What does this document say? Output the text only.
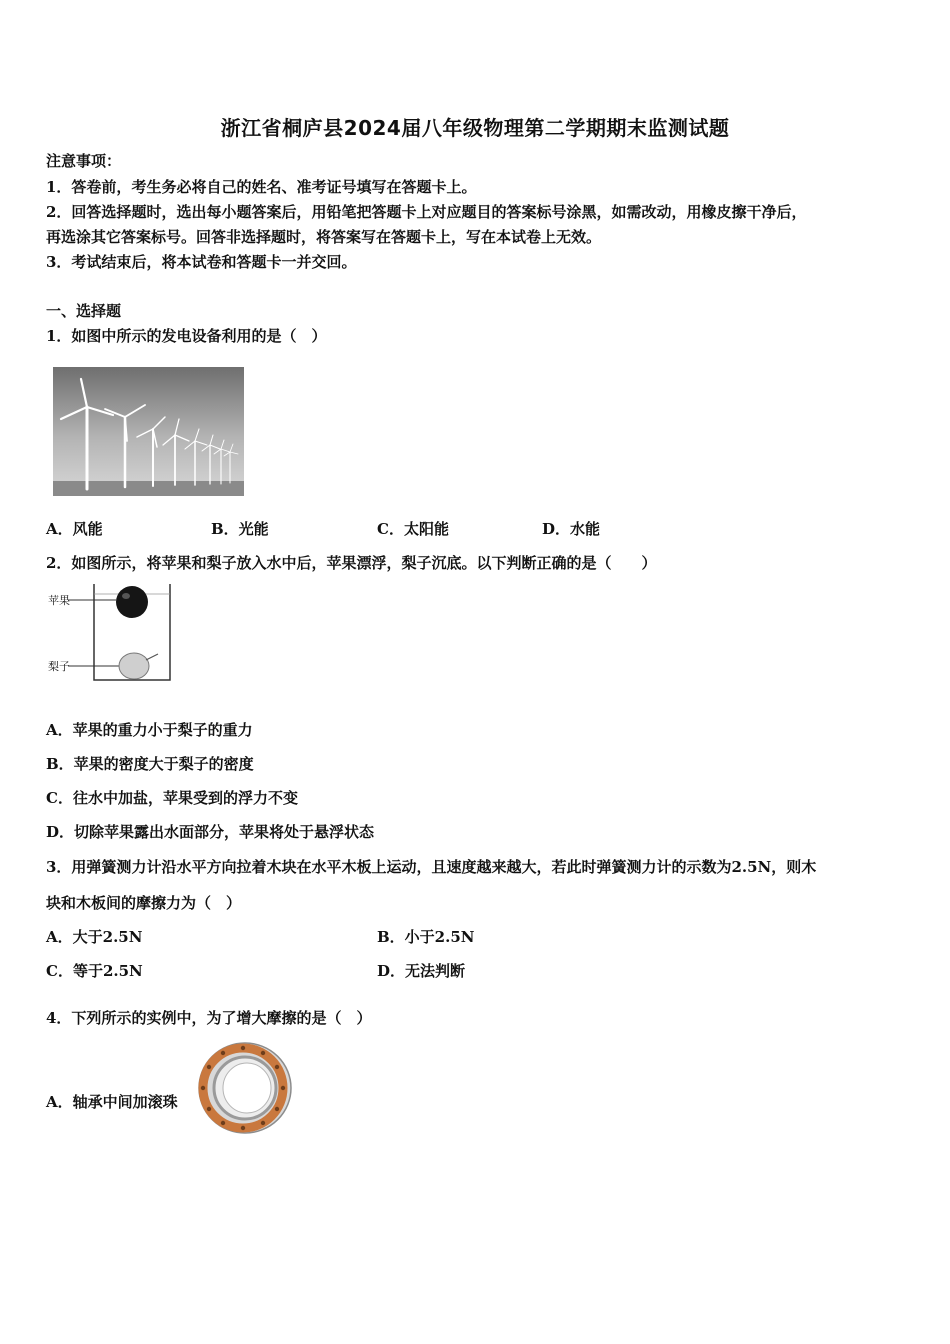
浙江省桐庐县2024届八年级物理第二学期期末监测试题
注意事项：
1．答卷前，考生务必将自己的姓名、准考证号填写在答题卡上。
2．回答选择题时，选出每小题答案后，用铅笔把答题卡上对应题目的答案标号涂黑，如需改动，用橡皮擦干净后，
再选涂其它答案标号。回答非选择题时，将答案写在答题卡上，写在本试卷上无效。
3．考试结束后，将本试卷和答题卡一并交回。
一、选择题
1．如图中所示的发电设备利用的是（　）
A．风能	B．光能	C．太阳能	D．水能
2．如图所示，将苹果和梨子放入水中后，苹果漂浮，梨子沉底。以下判断正确的是（　　）
苹果
梨子
A．苹果的重力小于梨子的重力
B．苹果的密度大于梨子的密度
C．往水中加盐，苹果受到的浮力不变
D．切除苹果露出水面部分，苹果将处于悬浮状态
3．用弹簧测力计沿水平方向拉着木块在水平木板上运动，且速度越来越大，若此时弹簧测力计的示数为2.5N，则木
块和木板间的摩擦力为（　）
A．大于2.5N	B．小于2.5N
C．等于2.5N	D．无法判断
4．下列所示的实例中，为了增大摩擦的是（　）
A．轴承中间加滚珠
